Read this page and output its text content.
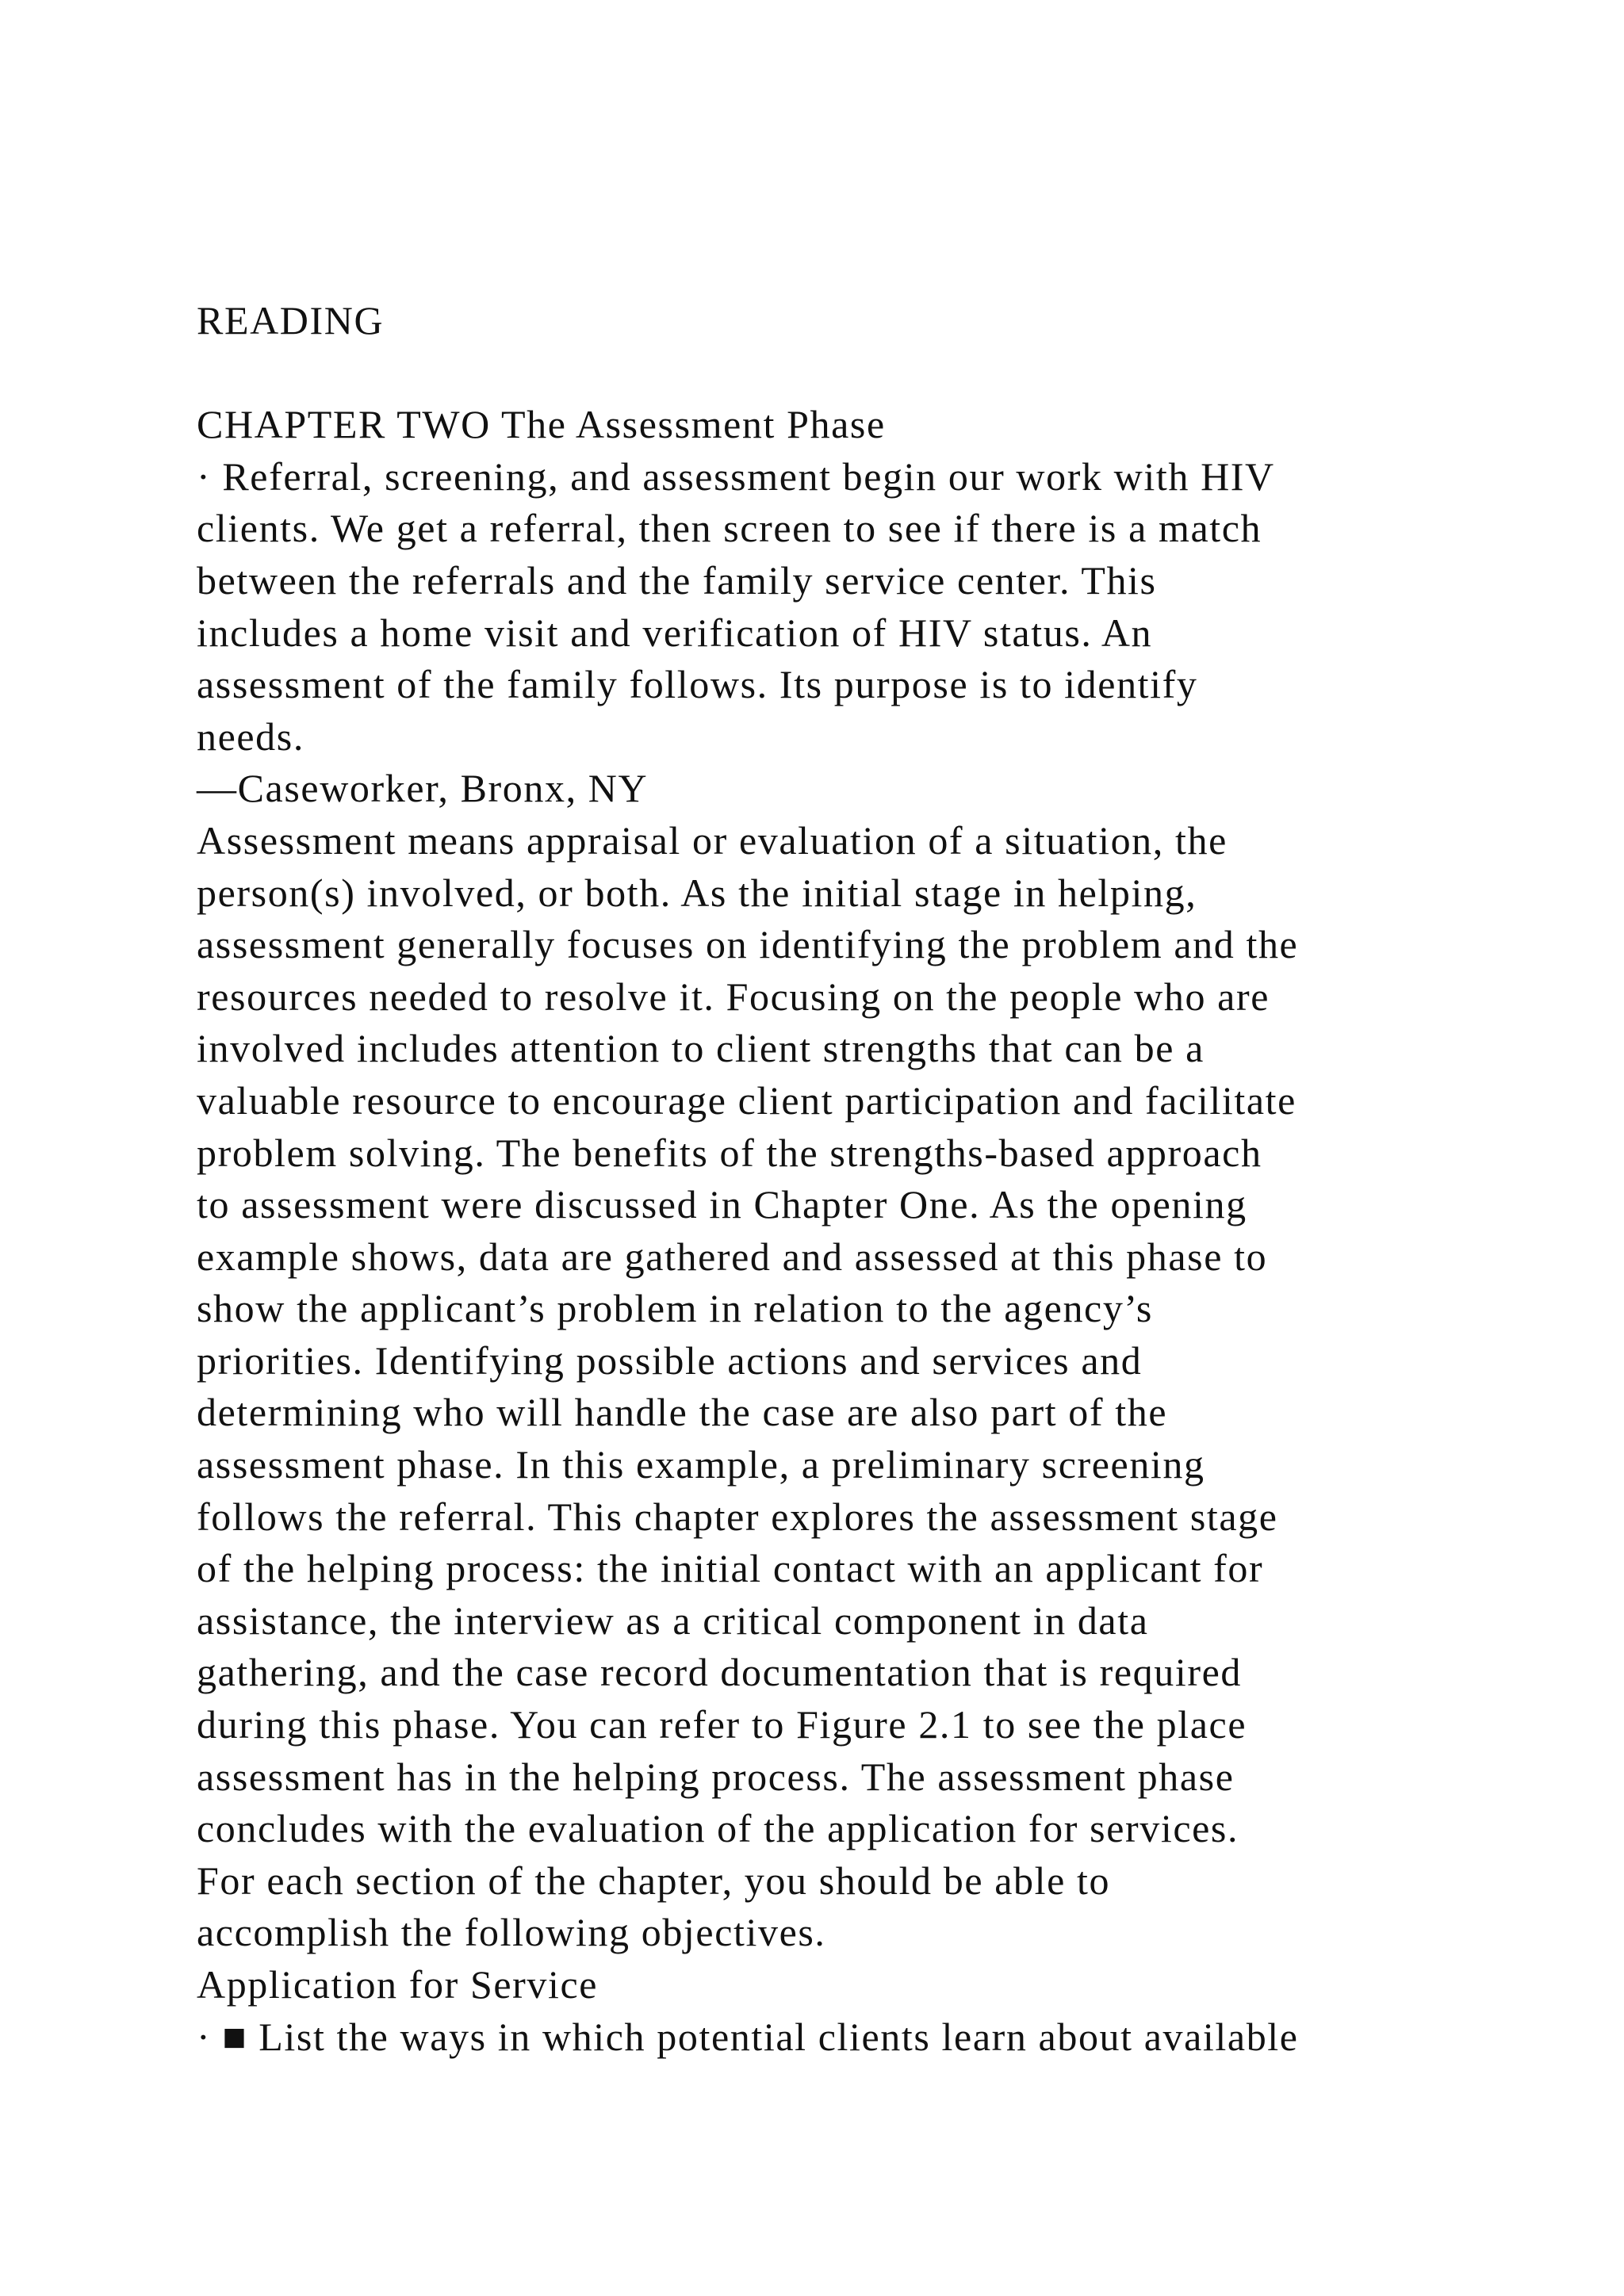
READING
CHAPTER TWO The Assessment Phase
· Referral, screening, and assessment begin our work with HIV
clients. We get a referral, then screen to see if there is a match
between the referrals and the family service center. This
includes a home visit and verification of HIV status. An
assessment of the family follows. Its purpose is to identify
needs.
—Caseworker, Bronx, NY
Assessment means appraisal or evaluation of a situation, the
person(s) involved, or both. As the initial stage in helping,
assessment generally focuses on identifying the problem and the
resources needed to resolve it. Focusing on the people who are
involved includes attention to client strengths that can be a
valuable resource to encourage client participation and facilitate
problem solving. The benefits of the strengths-based approach
to assessment were discussed in Chapter One. As the opening
example shows, data are gathered and assessed at this phase to
show the applicant’s problem in relation to the agency’s
priorities. Identifying possible actions and services and
determining who will handle the case are also part of the
assessment phase. In this example, a preliminary screening
follows the referral. This chapter explores the assessment stage
of the helping process: the initial contact with an applicant for
assistance, the interview as a critical component in data
gathering, and the case record documentation that is required
during this phase. You can refer to Figure 2.1 to see the place
assessment has in the helping process. The assessment phase
concludes with the evaluation of the application for services.
For each section of the chapter, you should be able to
accomplish the following objectives.
Application for Service
· ■ List the ways in which potential clients learn about available
